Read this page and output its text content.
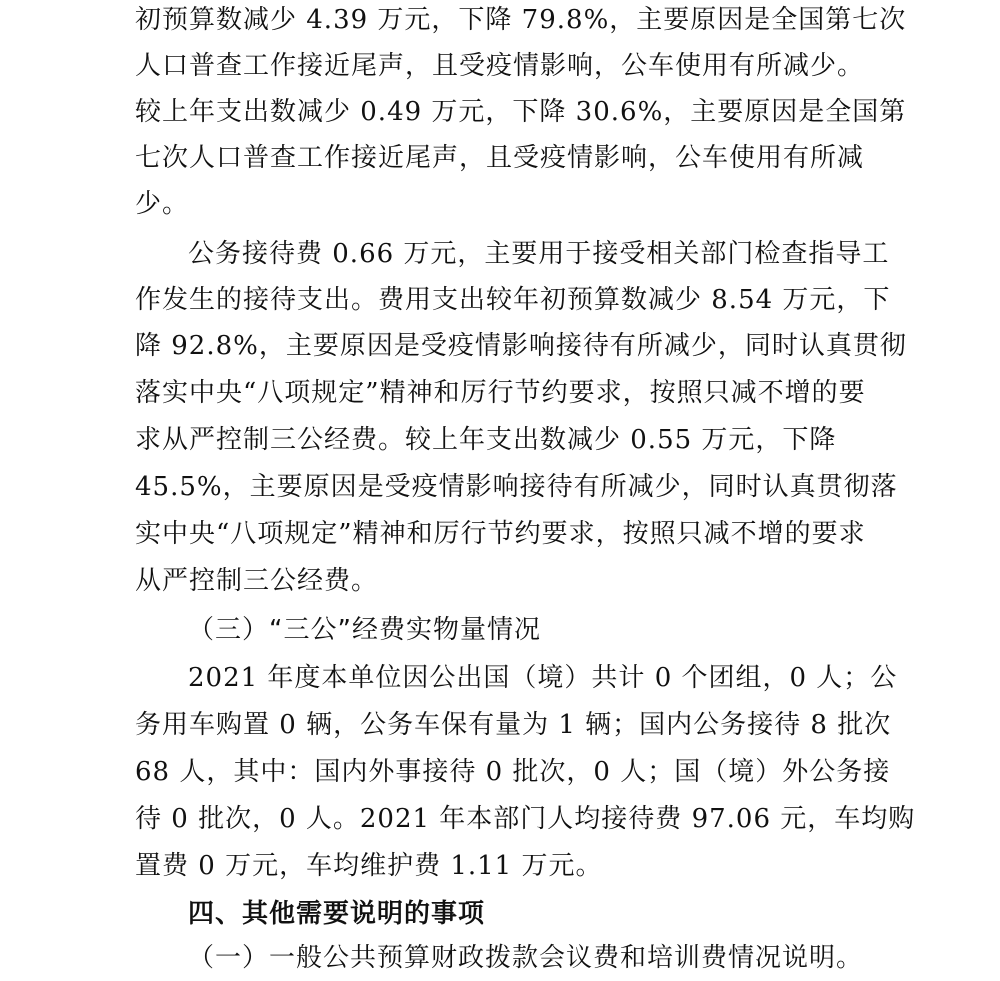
初预算数减少 4.39 万元，下降 79.8%，主要原因是全国第七次
人口普查工作接近尾声，且受疫情影响，公车使用有所减少。
较上年支出数减少 0.49 万元，下降 30.6%，主要原因是全国第
七次人口普查工作接近尾声，且受疫情影响，公车使用有所减
少。
公务接待费 0.66 万元，主要用于接受相关部门检查指导工
作发生的接待支出。费用支出较年初预算数减少 8.54 万元，下
降 92.8%，主要原因是受疫情影响接待有所减少，同时认真贯彻
落实中央“八项规定”精神和厉行节约要求，按照只减不增的要
求从严控制三公经费。较上年支出数减少 0.55 万元，下降
45.5%，主要原因是受疫情影响接待有所减少，同时认真贯彻落
实中央“八项规定”精神和厉行节约要求，按照只减不增的要求
从严控制三公经费。
（三）“三公”经费实物量情况
2021 年度本单位因公出国（境）共计 0 个团组，0 人；公
务用车购置 0 辆，公务车保有量为 1 辆；国内公务接待 8 批次
68 人，其中：国内外事接待 0 批次，0 人；国（境）外公务接
待 0 批次，0 人。2021 年本部门人均接待费 97.06 元，车均购
置费 0 万元，车均维护费 1.11 万元。
四、其他需要说明的事项
（一）一般公共预算财政拨款会议费和培训费情况说明。
